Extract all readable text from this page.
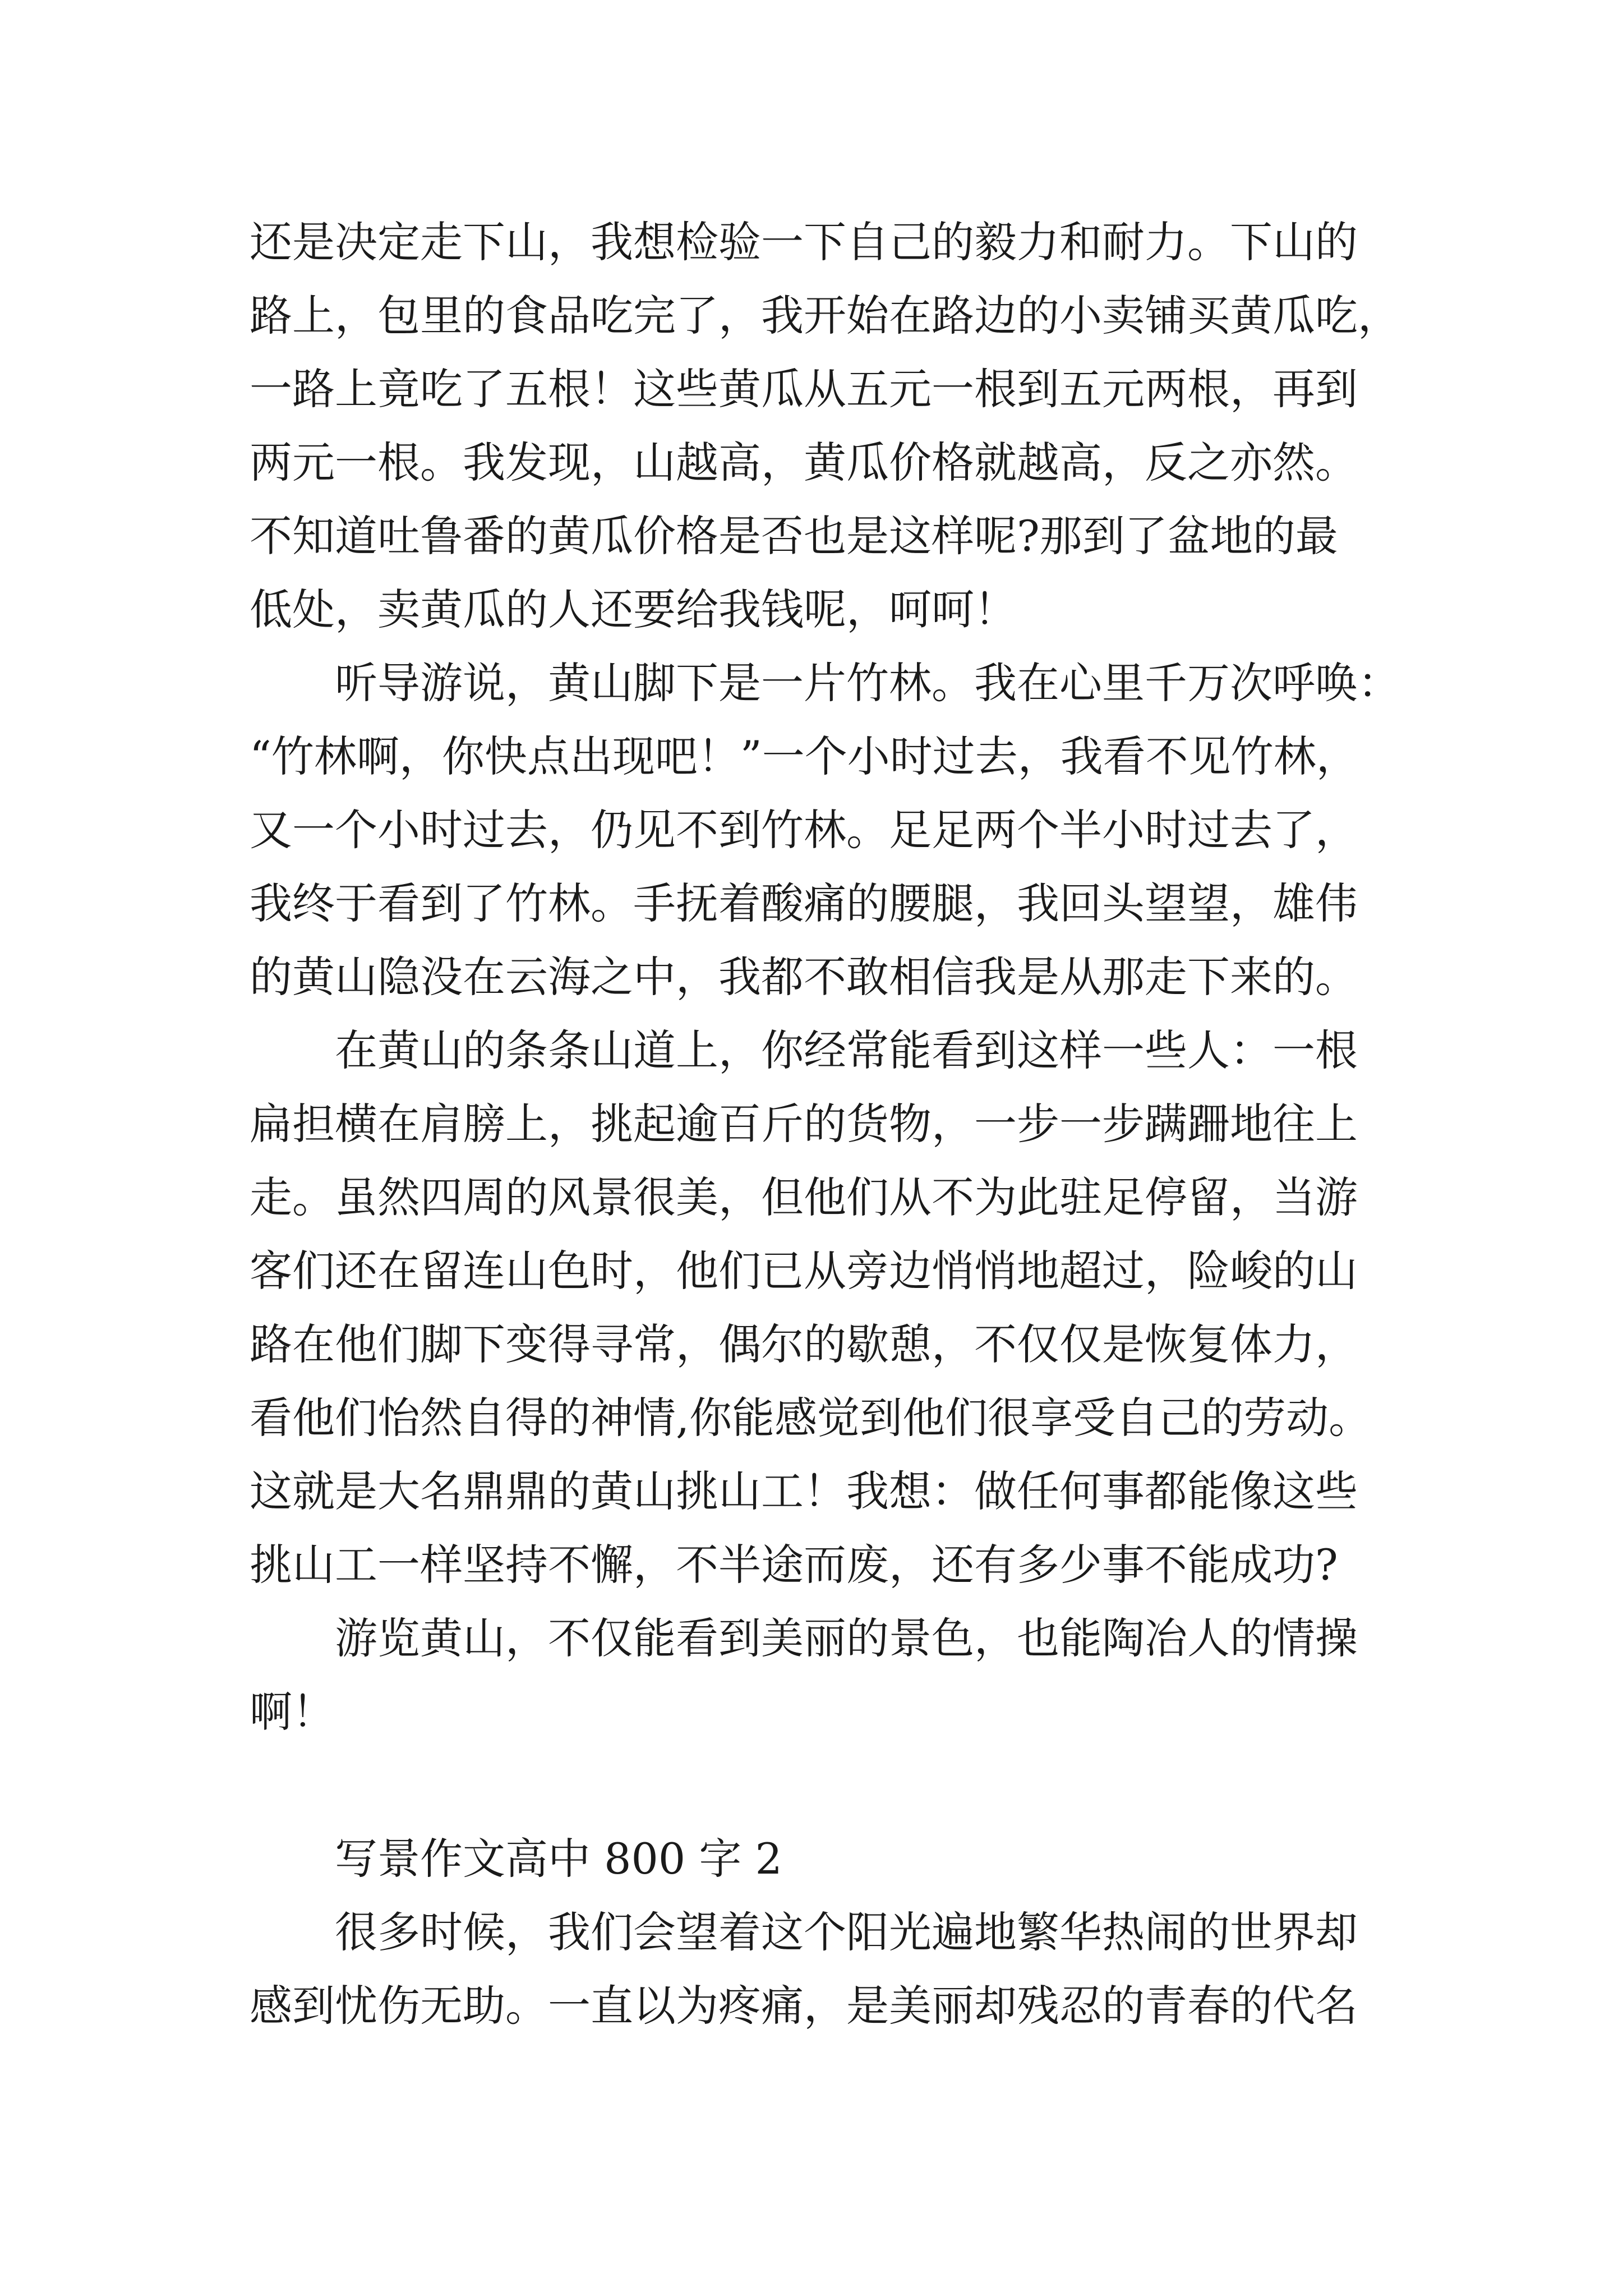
还是决定走下山，我想检验一下自己的毅力和耐力。下山的
路上，包里的食品吃完了，我开始在路边的小卖铺买黄瓜吃，
一路上竟吃了五根！这些黄瓜从五元一根到五元两根，再到
两元一根。我发现，山越高，黄瓜价格就越高，反之亦然。
不知道吐鲁番的黄瓜价格是否也是这样呢?那到了盆地的最
低处，卖黄瓜的人还要给我钱呢，呵呵！
　　听导游说，黄山脚下是一片竹林。我在心里千万次呼唤：
“竹林啊，你快点出现吧！”一个小时过去，我看不见竹林，
又一个小时过去，仍见不到竹林。足足两个半小时过去了，
我终于看到了竹林。手抚着酸痛的腰腿，我回头望望，雄伟
的黄山隐没在云海之中，我都不敢相信我是从那走下来的。
　　在黄山的条条山道上，你经常能看到这样一些人：一根
扁担横在肩膀上，挑起逾百斤的货物，一步一步蹒跚地往上
走。虽然四周的风景很美，但他们从不为此驻足停留，当游
客们还在留连山色时，他们已从旁边悄悄地超过，险峻的山
路在他们脚下变得寻常，偶尔的歇憩，不仅仅是恢复体力，
看他们怡然自得的神情,你能感觉到他们很享受自己的劳动。
这就是大名鼎鼎的黄山挑山工！我想：做任何事都能像这些
挑山工一样坚持不懈，不半途而废，还有多少事不能成功?
　　游览黄山，不仅能看到美丽的景色，也能陶冶人的情操
啊！
　　写景作文高中 800 字 2
　　很多时候，我们会望着这个阳光遍地繁华热闹的世界却
感到忧伤无助。一直以为疼痛，是美丽却残忍的青春的代名
